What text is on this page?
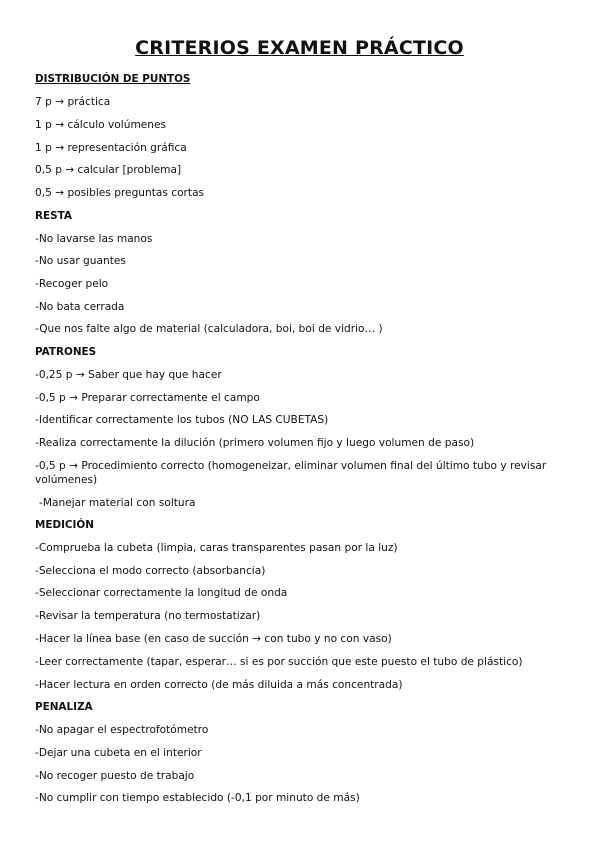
CRITERIOS EXAMEN PRÁCTICO
DISTRIBUCIÓN DE PUNTOS
7 p → práctica
1 p → cálculo volúmenes
1 p → representación gráfica
0,5 p → calcular [problema]
0,5 → posibles preguntas cortas
RESTA
-No lavarse las manos
-No usar guantes
-Recoger pelo
-No bata cerrada
-Que nos falte algo de material (calculadora, boi, boi de vidrio… )
PATRONES
-0,25 p → Saber que hay que hacer
-0,5 p → Preparar correctamente el campo
-Identificar correctamente los tubos (NO LAS CUBETAS)
-Realiza correctamente la dilución (primero volumen fijo y luego volumen de paso)
-0,5 p → Procedimiento correcto (homogeneizar, eliminar volumen final del último tubo y revisar volúmenes)
-Manejar material con soltura
MEDICIÓN
-Comprueba la cubeta (limpia, caras transparentes pasan por la luz)
-Selecciona el modo correcto (absorbancia)
-Seleccionar correctamente la longitud de onda
-Revisar la temperatura (no termostatizar)
-Hacer la línea base (en caso de succión → con tubo y no con vaso)
-Leer correctamente (tapar, esperar… si es por succión que este puesto el tubo de plástico)
-Hacer lectura en orden correcto (de más diluida a más concentrada)
PENALIZA
-No apagar el espectrofotómetro
-Dejar una cubeta en el interior
-No recoger puesto de trabajo
-No cumplir con tiempo establecido (-0,1 por minuto de más)
